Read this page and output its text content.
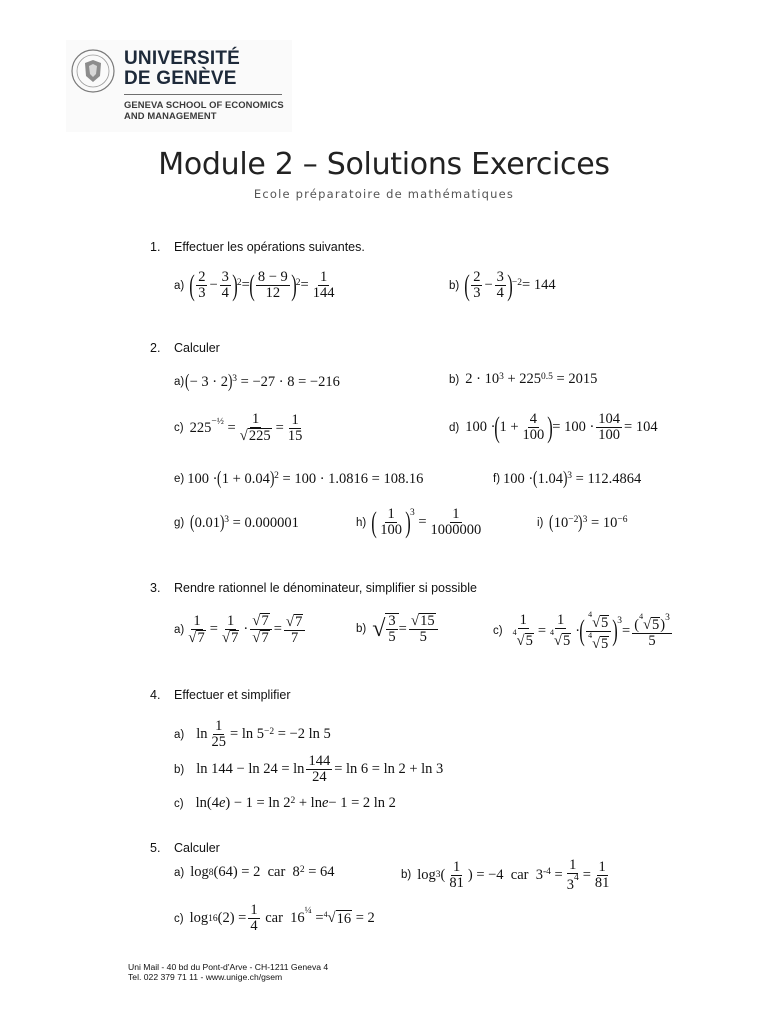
UNIVERSITÉ
DE GENÈVE
GENEVA SCHOOL OF ECONOMICS
AND MANAGEMENT
Module 2 – Solutions Exercices
Ecole préparatoire de mathématiques
1. Effectuer les opérations suivantes.
a) ( 2
3 − 3
4 )$^2$ = ( 8 − 9
12 )$^2$ = 1
144	b) ( 2
3 − 3
4 )$^{-2}$ = 144
2. Calculer
a) ( − 3 · 2 )$^3$ = −27 · 8 = −216	b) $2 \cdot 10^3 + 225^{0.5} = 2015$
c) $225^{-\frac{1}{2}}$ =
1
√225
= 1
15	d) 100 · ( 1 + 4
100 ) = 100 · 104
100 = 104
e) 100 · ( 1 + 0.04 )$^2$ = 100 · 1.0816 = 108.16	f) 100 · ( 1.04 )$^3$ = 112.4864
g) ( 0.01 )$^3$ = 0.000001	h) ( 1
100 )$^3$
= 1
1000000	i) ( $10^{-2}$ )$^3 = 10^{-6}$
3. Rendre rationnel le dénominateur, simplifier si possible
a)
1
√7
=
1
√7
· √7
√7
= √7
7
b) √ $\frac{3}{5} = √15$
5	c)
1
$^4$√5
=
1
$^4$√5
· ( $^4$√5
$^4$√5 )$^3$
= $(^4√5)^3$
5
4. Effectuer et simplifier
a) ln 1
$25 = \ln 5^{-2} = -2$ ln 5
b) ln 144 − ln 24 = ln 144
24 = ln 6 = ln 2 + ln 3
c) ln(4 e ) − $1 = \ln 2^2 + \ln e - 1 = 2$ ln 2
5. Calculer
a) log 8 (64) = 2  car  $8^2 = 64$	b) log 3 ( 1
81 ) = −4  car  $3^{-4}$ =
1
$3^4 = 1$
81
c) log 16 (2) = 1
4 car  $16^{\frac{1}{4}} = ^4$ √ 16 = 2
Uni Mail - 40 bd du Pont-d'Arve - CH-1211 Geneva 4
Tel. 022 379 71 11 - www.unige.ch/gsem
